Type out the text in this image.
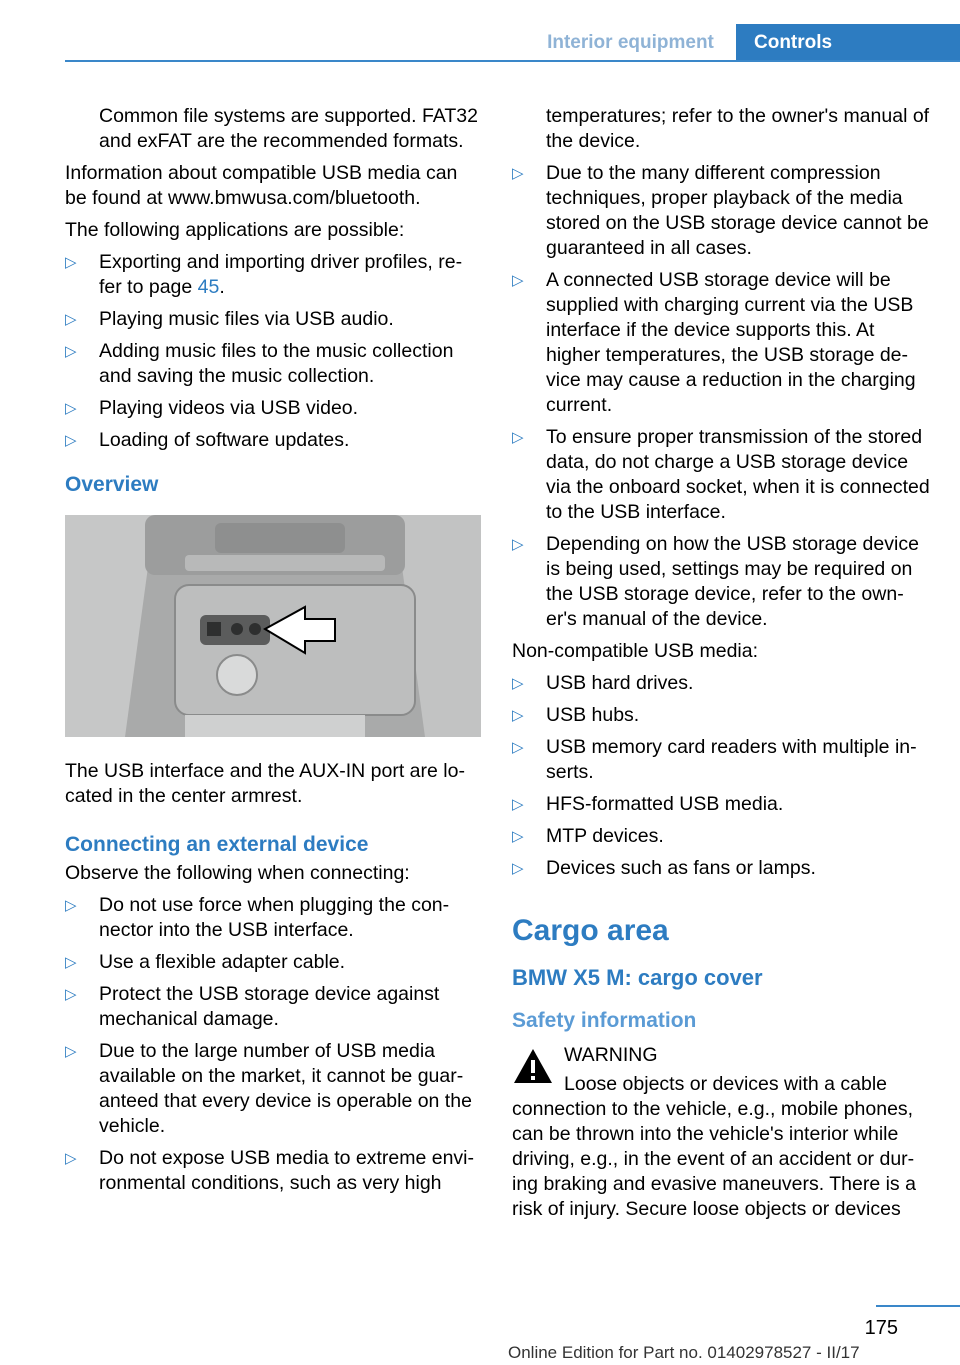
Interior equipment	Controls

Common file systems are supported. FAT32 and exFAT are the recommended formats.

Information about compatible USB media can be found at www.bmwusa.com/bluetooth.

The following applications are possible:

▷ Exporting and importing driver profiles, re‐fer to page 45.
▷ Playing music files via USB audio.
▷ Adding music files to the music collection and saving the music collection.
▷ Playing videos via USB video.
▷ Loading of software updates.
Overview

The USB interface and the AUX-IN port are lo‐cated in the center armrest.

Connecting an external device

Observe the following when connecting:

▷ Do not use force when plugging the con‐nector into the USB interface.
▷ Use a flexible adapter cable.
▷ Protect the USB storage device against mechanical damage.
▷ Due to the large number of USB media available on the market, it cannot be guar‐anteed that every device is operable on the vehicle.
▷ Do not expose USB media to extreme envi‐ronmental conditions, such as very high

temperatures; refer to the owner's manual of the device.

▷ Due to the many different compression techniques, proper playback of the media stored on the USB storage device cannot be guaranteed in all cases.
▷ A connected USB storage device will be supplied with charging current via the USB interface if the device supports this. At higher temperatures, the USB storage de‐vice may cause a reduction in the charging current.
▷ To ensure proper transmission of the stored data, do not charge a USB storage device via the onboard socket, when it is connected to the USB interface.
▷ Depending on how the USB storage device is being used, settings may be required on the USB storage device, refer to the own‐er's manual of the device.

Non-compatible USB media:

▷ USB hard drives.
▷ USB hubs.
▷ USB memory card readers with multiple in‐serts.
▷ HFS-formatted USB media.
▷ MTP devices.
▷ Devices such as fans or lamps.
Cargo area
BMW X5 M: cargo cover
Safety information

WARNING

Loose objects or devices with a cable connection to the vehicle, e.g., mobile phones, can be thrown into the vehicle's interior while driving, e.g., in the event of an accident or dur‐ing braking and evasive maneuvers. There is a risk of injury. Secure loose objects or devices

175
Online Edition for Part no. 01402978527 - II/17
